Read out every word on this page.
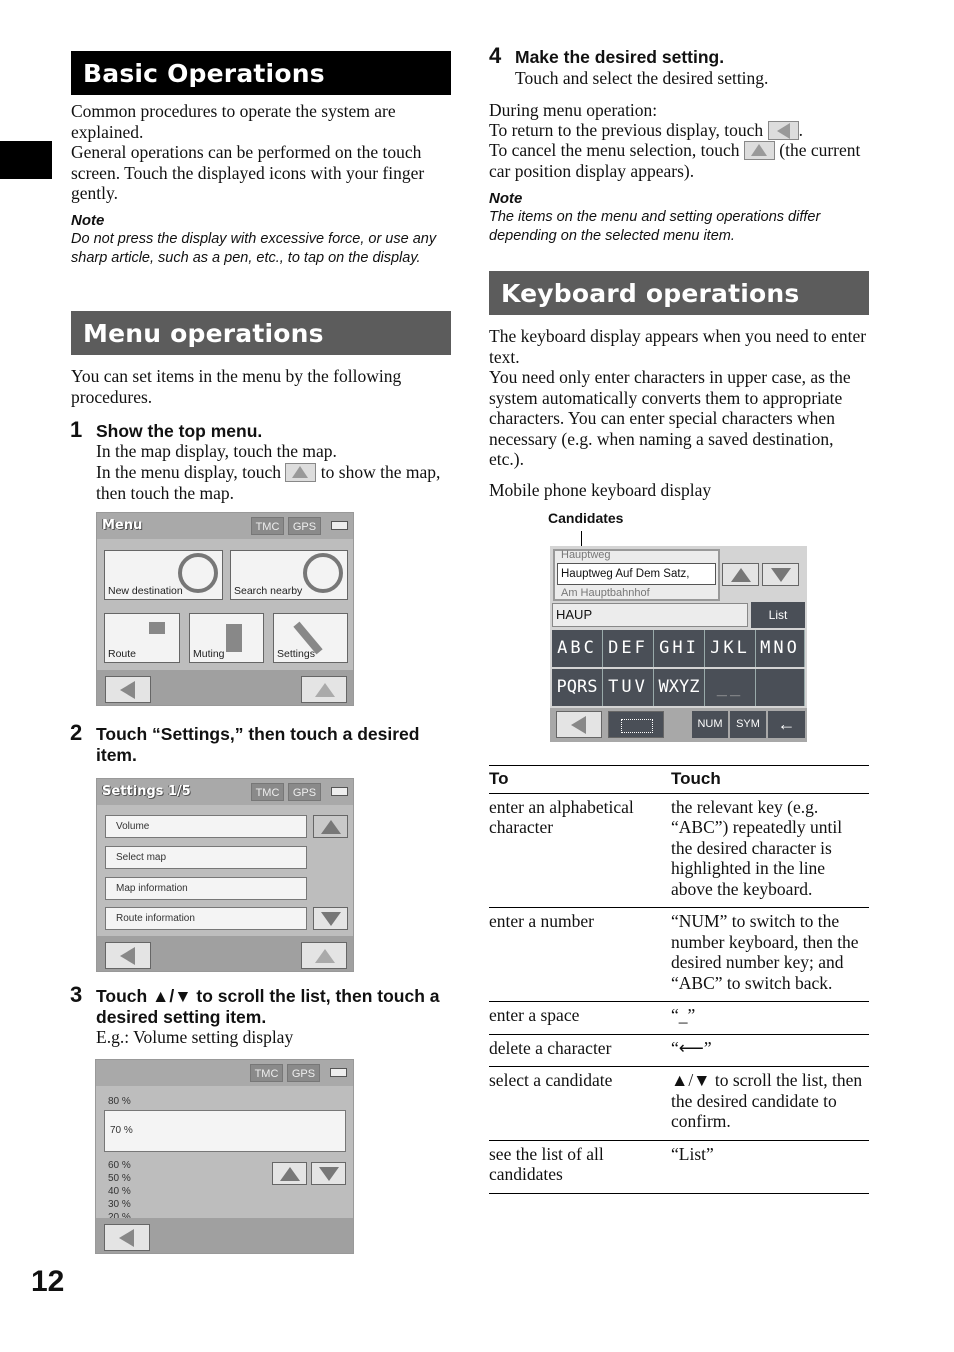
Basic Operations
Common procedures to operate the system are explained.
General operations can be performed on the touch screen. Touch the displayed icons with your finger gently.
Note
Do not press the display with excessive force, or use any sharp article, such as a pen, etc., to tap on the display.
Menu operations
You can set items in the menu by the following procedures.
1 Show the top menu.
In the map display, touch the map.
In the menu display, touch to show the map, then touch the map.
Menu	TMC	GPS
New destination	Search nearby
Route	Muting	Settings
2 Touch “Settings,” then touch a desired item.
Settings 1/5	TMC	GPS
Volume
Select map
Map information
Route information
3 Touch ▲/▼ to scroll the list, then touch a desired setting item.
E.g.: Volume setting display
TMC	GPS
80 %
70 %
60 %
50 %
40 %
30 %
12
4 Make the desired setting.
Touch and select the desired setting.
During menu operation:
To return to the previous display, touch .
To cancel the menu selection, touch (the current car position display appears).
Note
The items on the menu and setting operations differ depending on the selected menu item.
Keyboard operations
The keyboard display appears when you need to enter text.
You need only enter characters in upper case, as the system automatically converts them to appropriate characters. You can enter special characters when necessary (e.g. when naming a saved destination, etc.).
Mobile phone keyboard display
Candidates
Hauptweg
Hauptweg Auf Dem Satz,
Am Hauptbahnhof
HAUP	List
ABC DEF GHI JKL MNO
PQRS TUV WXYZ	__
NUM	SYM ←
To	Touch
enter an alphabetical character	the relevant key (e.g. “ABC”) repeatedly until the desired character is highlighted in the line above the keyboard.
enter a number	“NUM” to switch to the number keyboard, then the desired number key; and “ABC” to switch back.
enter a space	“_”
delete a character	“⟵”
select a candidate	▲/▼ to scroll the list, then the desired candidate to confirm.
see the list of all candidates	“List”
